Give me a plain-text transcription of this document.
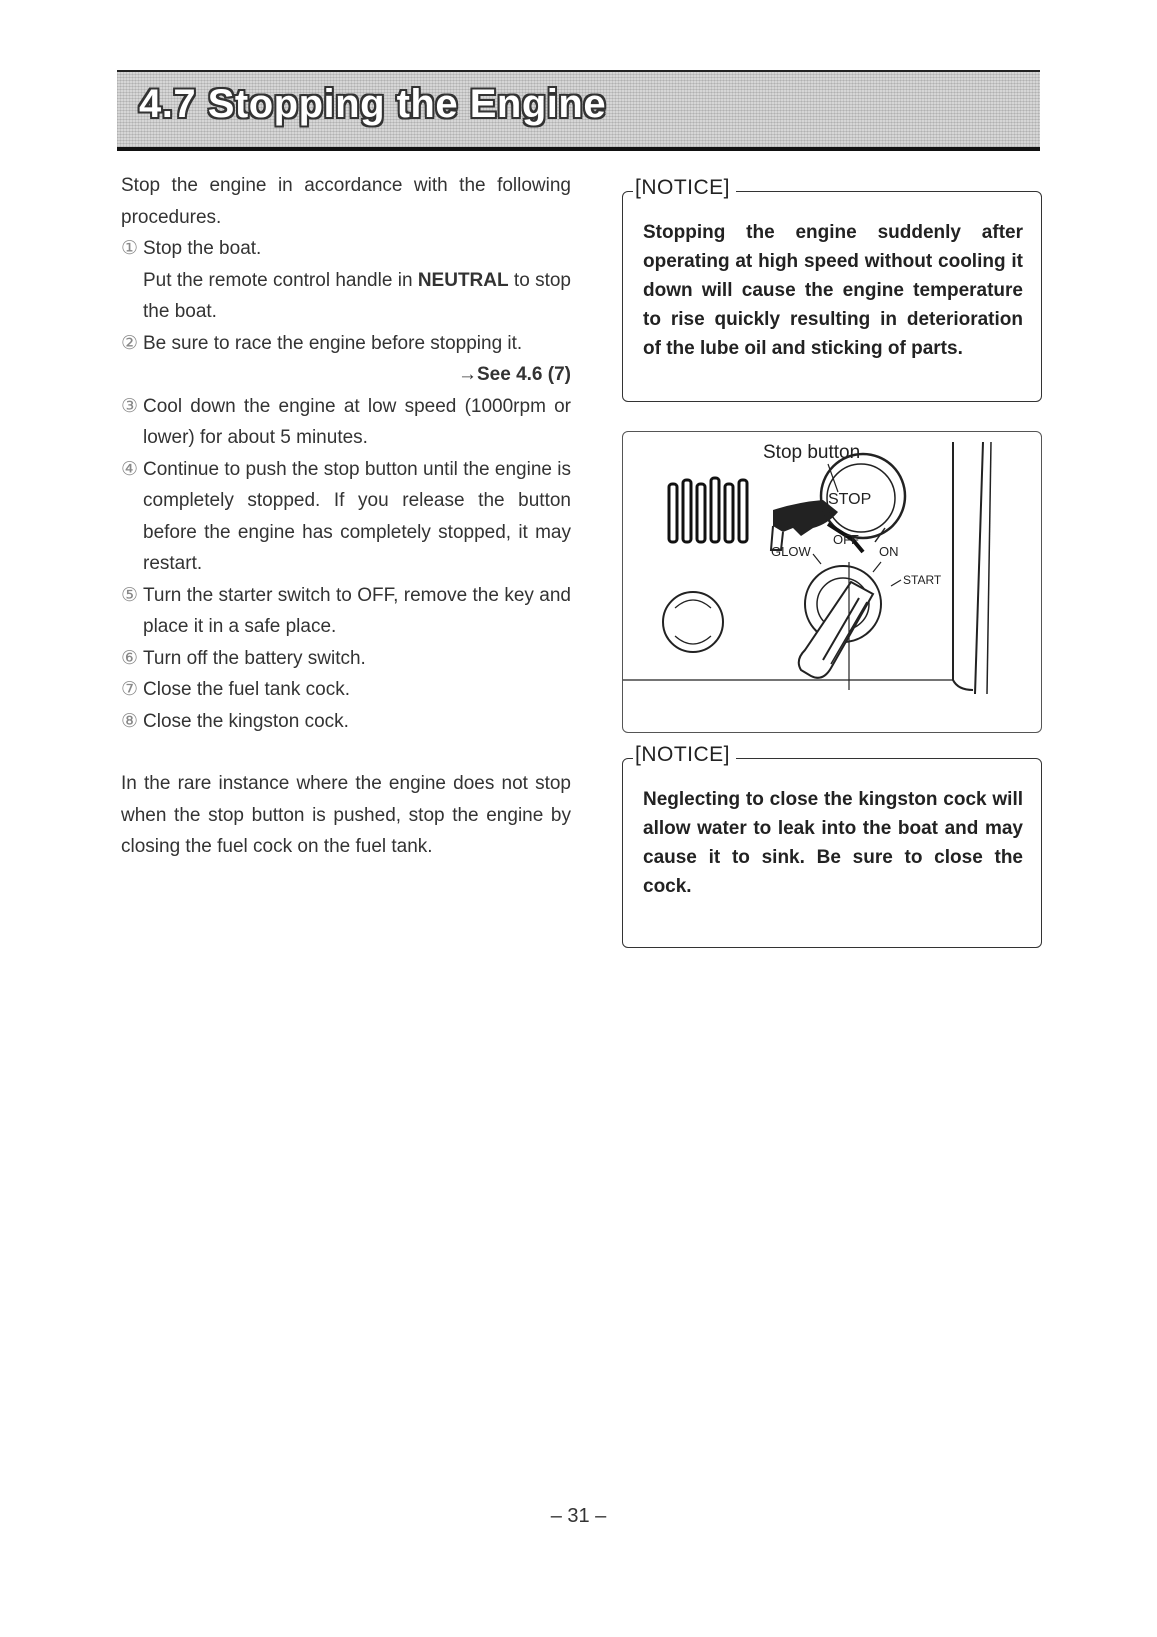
4.7 Stopping the Engine

Stop the engine in accordance with the following procedures.

① Stop the boat.

Put the remote control handle in NEUTRAL to stop the boat.

② Be sure to race the engine before stopping it.

→See 4.6 (7)

③ Cool down the engine at low speed (1000rpm or lower) for about 5 minutes.

④ Continue to push the stop button until the engine is completely stopped. If you release the button before the engine has completely stopped, it may restart.

⑤ Turn the starter switch to OFF, remove the key and place it in a safe place.

⑥ Turn off the battery switch.

⑦ Close the fuel tank cock.

⑧ Close the kingston cock.

In the rare instance where the engine does not stop when the stop button is pushed, stop the engine by closing the fuel cock on the fuel tank.

[NOTICE]
Stopping the engine suddenly after operating at high speed without cooling it down will cause the engine temperature to rise quickly resulting in deterioration of the lube oil and sticking of parts.
Stop button
STOP
OFF
GLOW	ON
START
[NOTICE]
Neglecting to close the kingston cock will allow water to leak into the boat and may cause it to sink. Be sure to close the cock.
– 31 –
